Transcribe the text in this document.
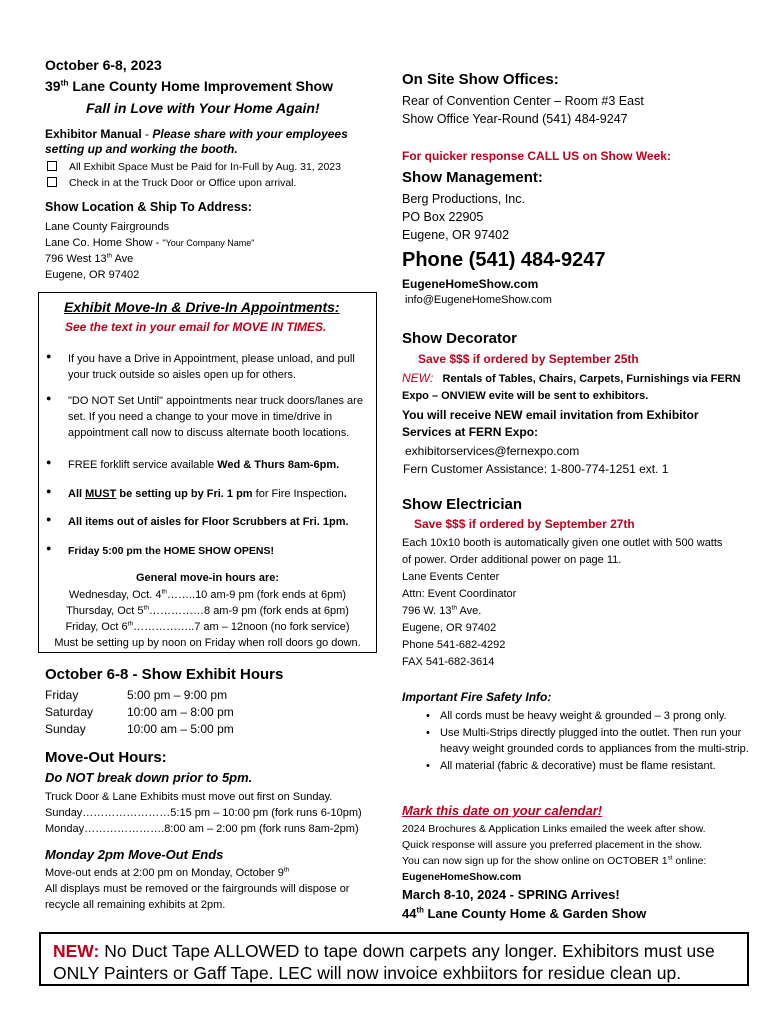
October 6-8, 2023
39th Lane County Home Improvement Show
Fall in Love with Your Home Again!
Exhibitor Manual - Please share with your employees setting up and working the booth.
All Exhibit Space Must be Paid for In-Full by Aug. 31, 2023
Check in at the Truck Door or Office upon arrival.
Show Location & Ship To Address:
Lane County Fairgrounds
Lane Co. Home Show - "Your Company Name"
796 West 13th Ave
Eugene, OR 97402
Exhibit Move-In & Drive-In Appointments:
See the text in your email for MOVE IN TIMES.
● If you have a Drive in Appointment, please unload, and pull your truck outside so aisles open up for others.
● "DO NOT Set Until" appointments near truck doors/lanes are set. If you need a change to your move in time/drive in appointment call now to discuss alternate booth locations.
● FREE forklift service available Wed & Thurs 8am-6pm.
● All MUST be setting up by Fri. 1 pm for Fire Inspection.
● All items out of aisles for Floor Scrubbers at Fri. 1pm.
● Friday 5:00 pm the HOME SHOW OPENS!
General move-in hours are:
Wednesday, Oct. 4th……..10 am-9 pm (fork ends at 6pm)
Thursday, Oct 5th……………8 am-9 pm (fork ends at 6pm)
Friday, Oct 6th……………..7 am – 12noon (no fork service)
Must be setting up by noon on Friday when roll doors go down.
October 6-8 - Show Exhibit Hours
Friday	5:00 pm – 9:00 pm
Saturday	10:00 am – 8:00 pm
Sunday	10:00 am – 5:00 pm
Move-Out Hours:
Do NOT break down prior to 5pm.
Truck Door & Lane Exhibits must move out first on Sunday.
Sunday……………………5:15 pm – 10:00 pm (fork runs 6-10pm)
Monday………………….8:00 am – 2:00 pm (fork runs 8am-2pm)
Monday 2pm Move-Out Ends
Move-out ends at 2:00 pm on Monday, October 9th
All displays must be removed or the fairgrounds will dispose or recycle all remaining exhibits at 2pm.
On Site Show Offices:
Rear of Convention Center – Room #3 East
Show Office Year-Round (541) 484-9247
For quicker response CALL US on Show Week:
Show Management:
Berg Productions, Inc.
PO Box 22905
Eugene, OR 97402
Phone (541) 484-9247
EugeneHomeShow.com
info@EugeneHomeShow.com
Show Decorator
Save $$$ if ordered by September 25th
NEW: Rentals of Tables, Chairs, Carpets, Furnishings via FERN Expo – ONVIEW evite will be sent to exhibitors.
You will receive NEW email invitation from Exhibitor Services at FERN Expo:
exhibitorservices@fernexpo.com
Fern Customer Assistance: 1-800-774-1251 ext. 1
Show Electrician
Save $$$ if ordered by September 27th
Each 10x10 booth is automatically given one outlet with 500 watts of power. Order additional power on page 11.
Lane Events Center
Attn: Event Coordinator
796 W. 13th Ave.
Eugene, OR 97402
Phone 541-682-4292
FAX 541-682-3614
Important Fire Safety Info:
• All cords must be heavy weight & grounded – 3 prong only.
• Use Multi-Strips directly plugged into the outlet. Then run your heavy weight grounded cords to appliances from the multi-strip.
• All material (fabric & decorative) must be flame resistant.
Mark this date on your calendar!
2024 Brochures & Application Links emailed the week after show.
Quick response will assure you preferred placement in the show.
You can now sign up for the show online on OCTOBER 1st online:
EugeneHomeShow.com
March 8-10, 2024 - SPRING Arrives!
44th Lane County Home & Garden Show
NEW: No Duct Tape ALLOWED to tape down carpets any longer. Exhibitors must use ONLY Painters or Gaff Tape. LEC will now invoice exhbiitors for residue clean up.
